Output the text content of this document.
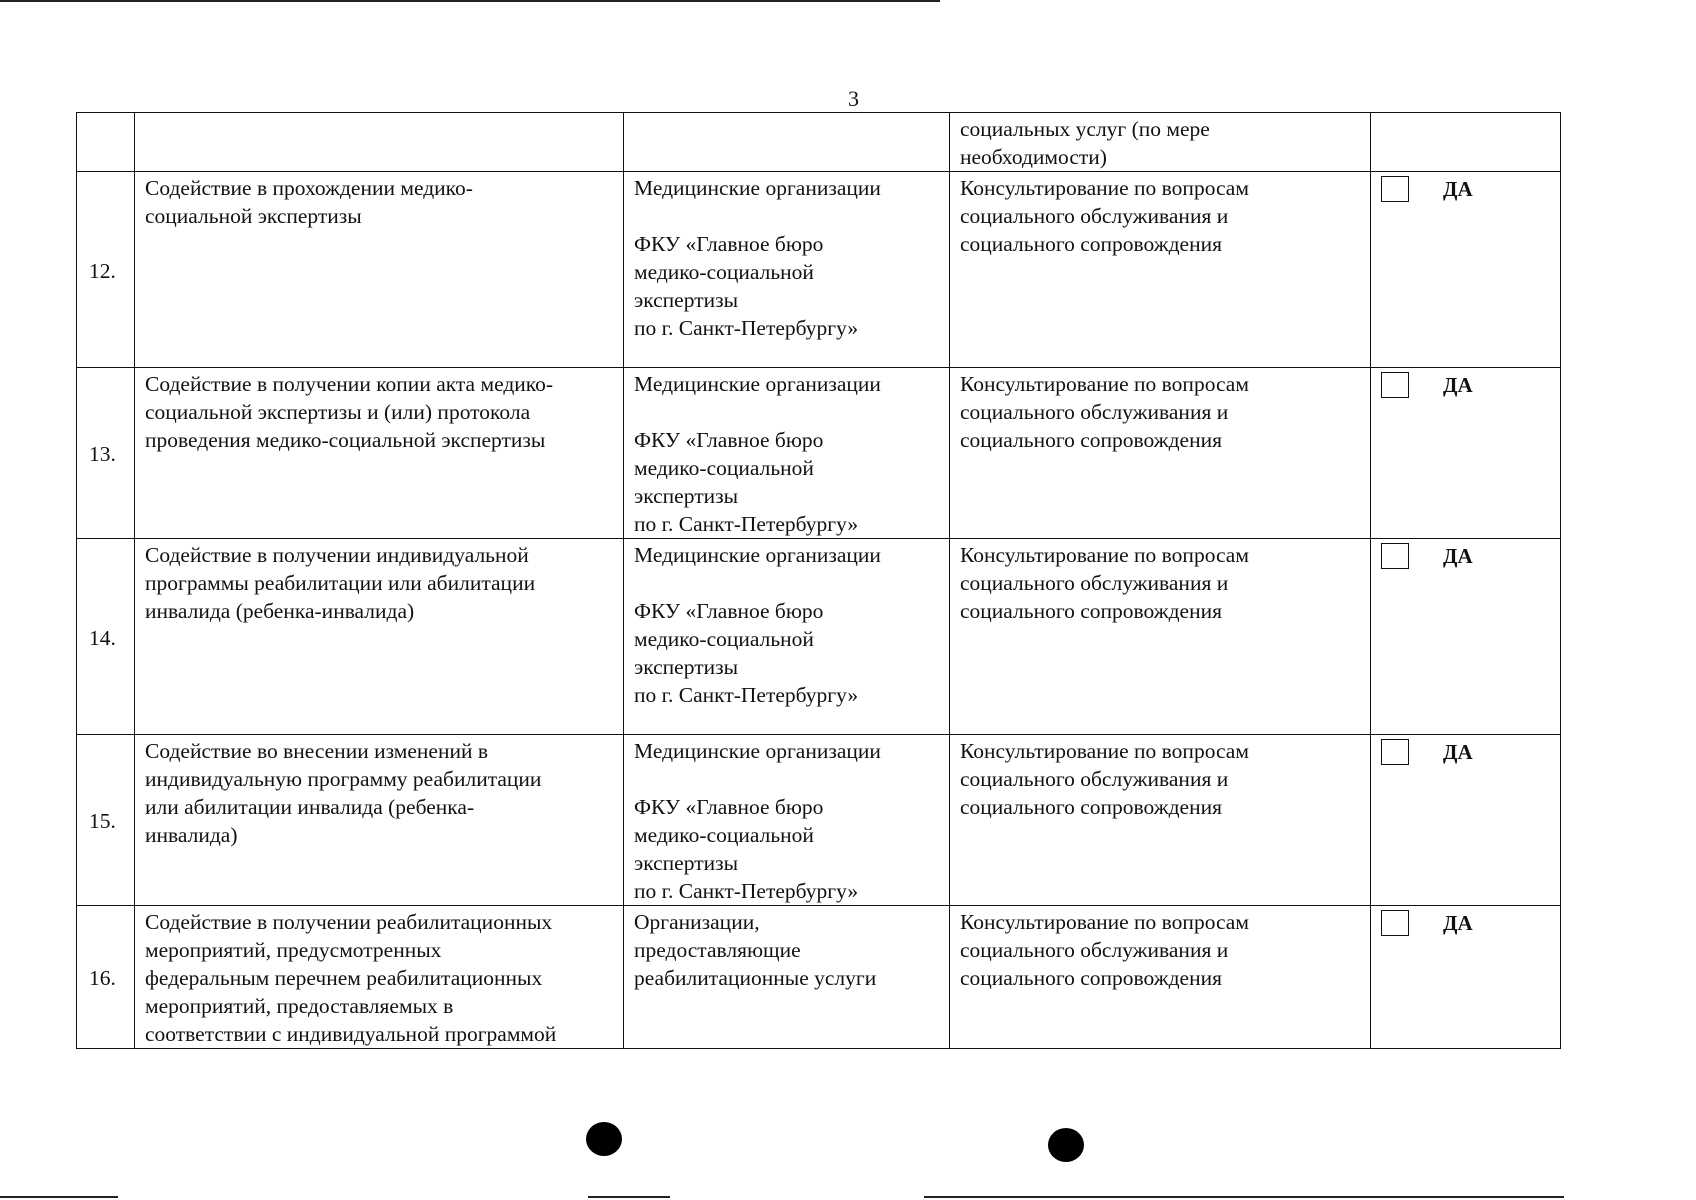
3
			социальных услуг (по мере
необходимости)	
12.	Содействие в прохождении медико-
социальной экспертизы	Медицинские организации

ФКУ «Главное бюро
медико-социальной
экспертизы
по г. Санкт-Петербургу»	Консультирование по вопросам
социального обслуживания и
социального сопровождения	ДА

13.	Содействие в получении копии акта медико-
социальной экспертизы и (или) протокола
проведения медико-социальной экспертизы	Медицинские организации

ФКУ «Главное бюро
медико-социальной
экспертизы
по г. Санкт-Петербургу»	Консультирование по вопросам
социального обслуживания и
социального сопровождения	ДА

14.	Содействие в получении индивидуальной
программы реабилитации или абилитации
инвалида (ребенка-инвалида)	Медицинские организации

ФКУ «Главное бюро
медико-социальной
экспертизы
по г. Санкт-Петербургу»	Консультирование по вопросам
социального обслуживания и
социального сопровождения	ДА

15.	Содействие во внесении изменений в
индивидуальную программу реабилитации
или абилитации инвалида (ребенка-
инвалида)	Медицинские организации

ФКУ «Главное бюро
медико-социальной
экспертизы
по г. Санкт-Петербургу»	Консультирование по вопросам
социального обслуживания и
социального сопровождения	ДА

16.	Содействие в получении реабилитационных
мероприятий, предусмотренных
федеральным перечнем реабилитационных
мероприятий, предоставляемых в
соответствии с индивидуальной программой	Организации,
предоставляющие
реабилитационные услуги	Консультирование по вопросам
социального обслуживания и
социального сопровождения	ДА
